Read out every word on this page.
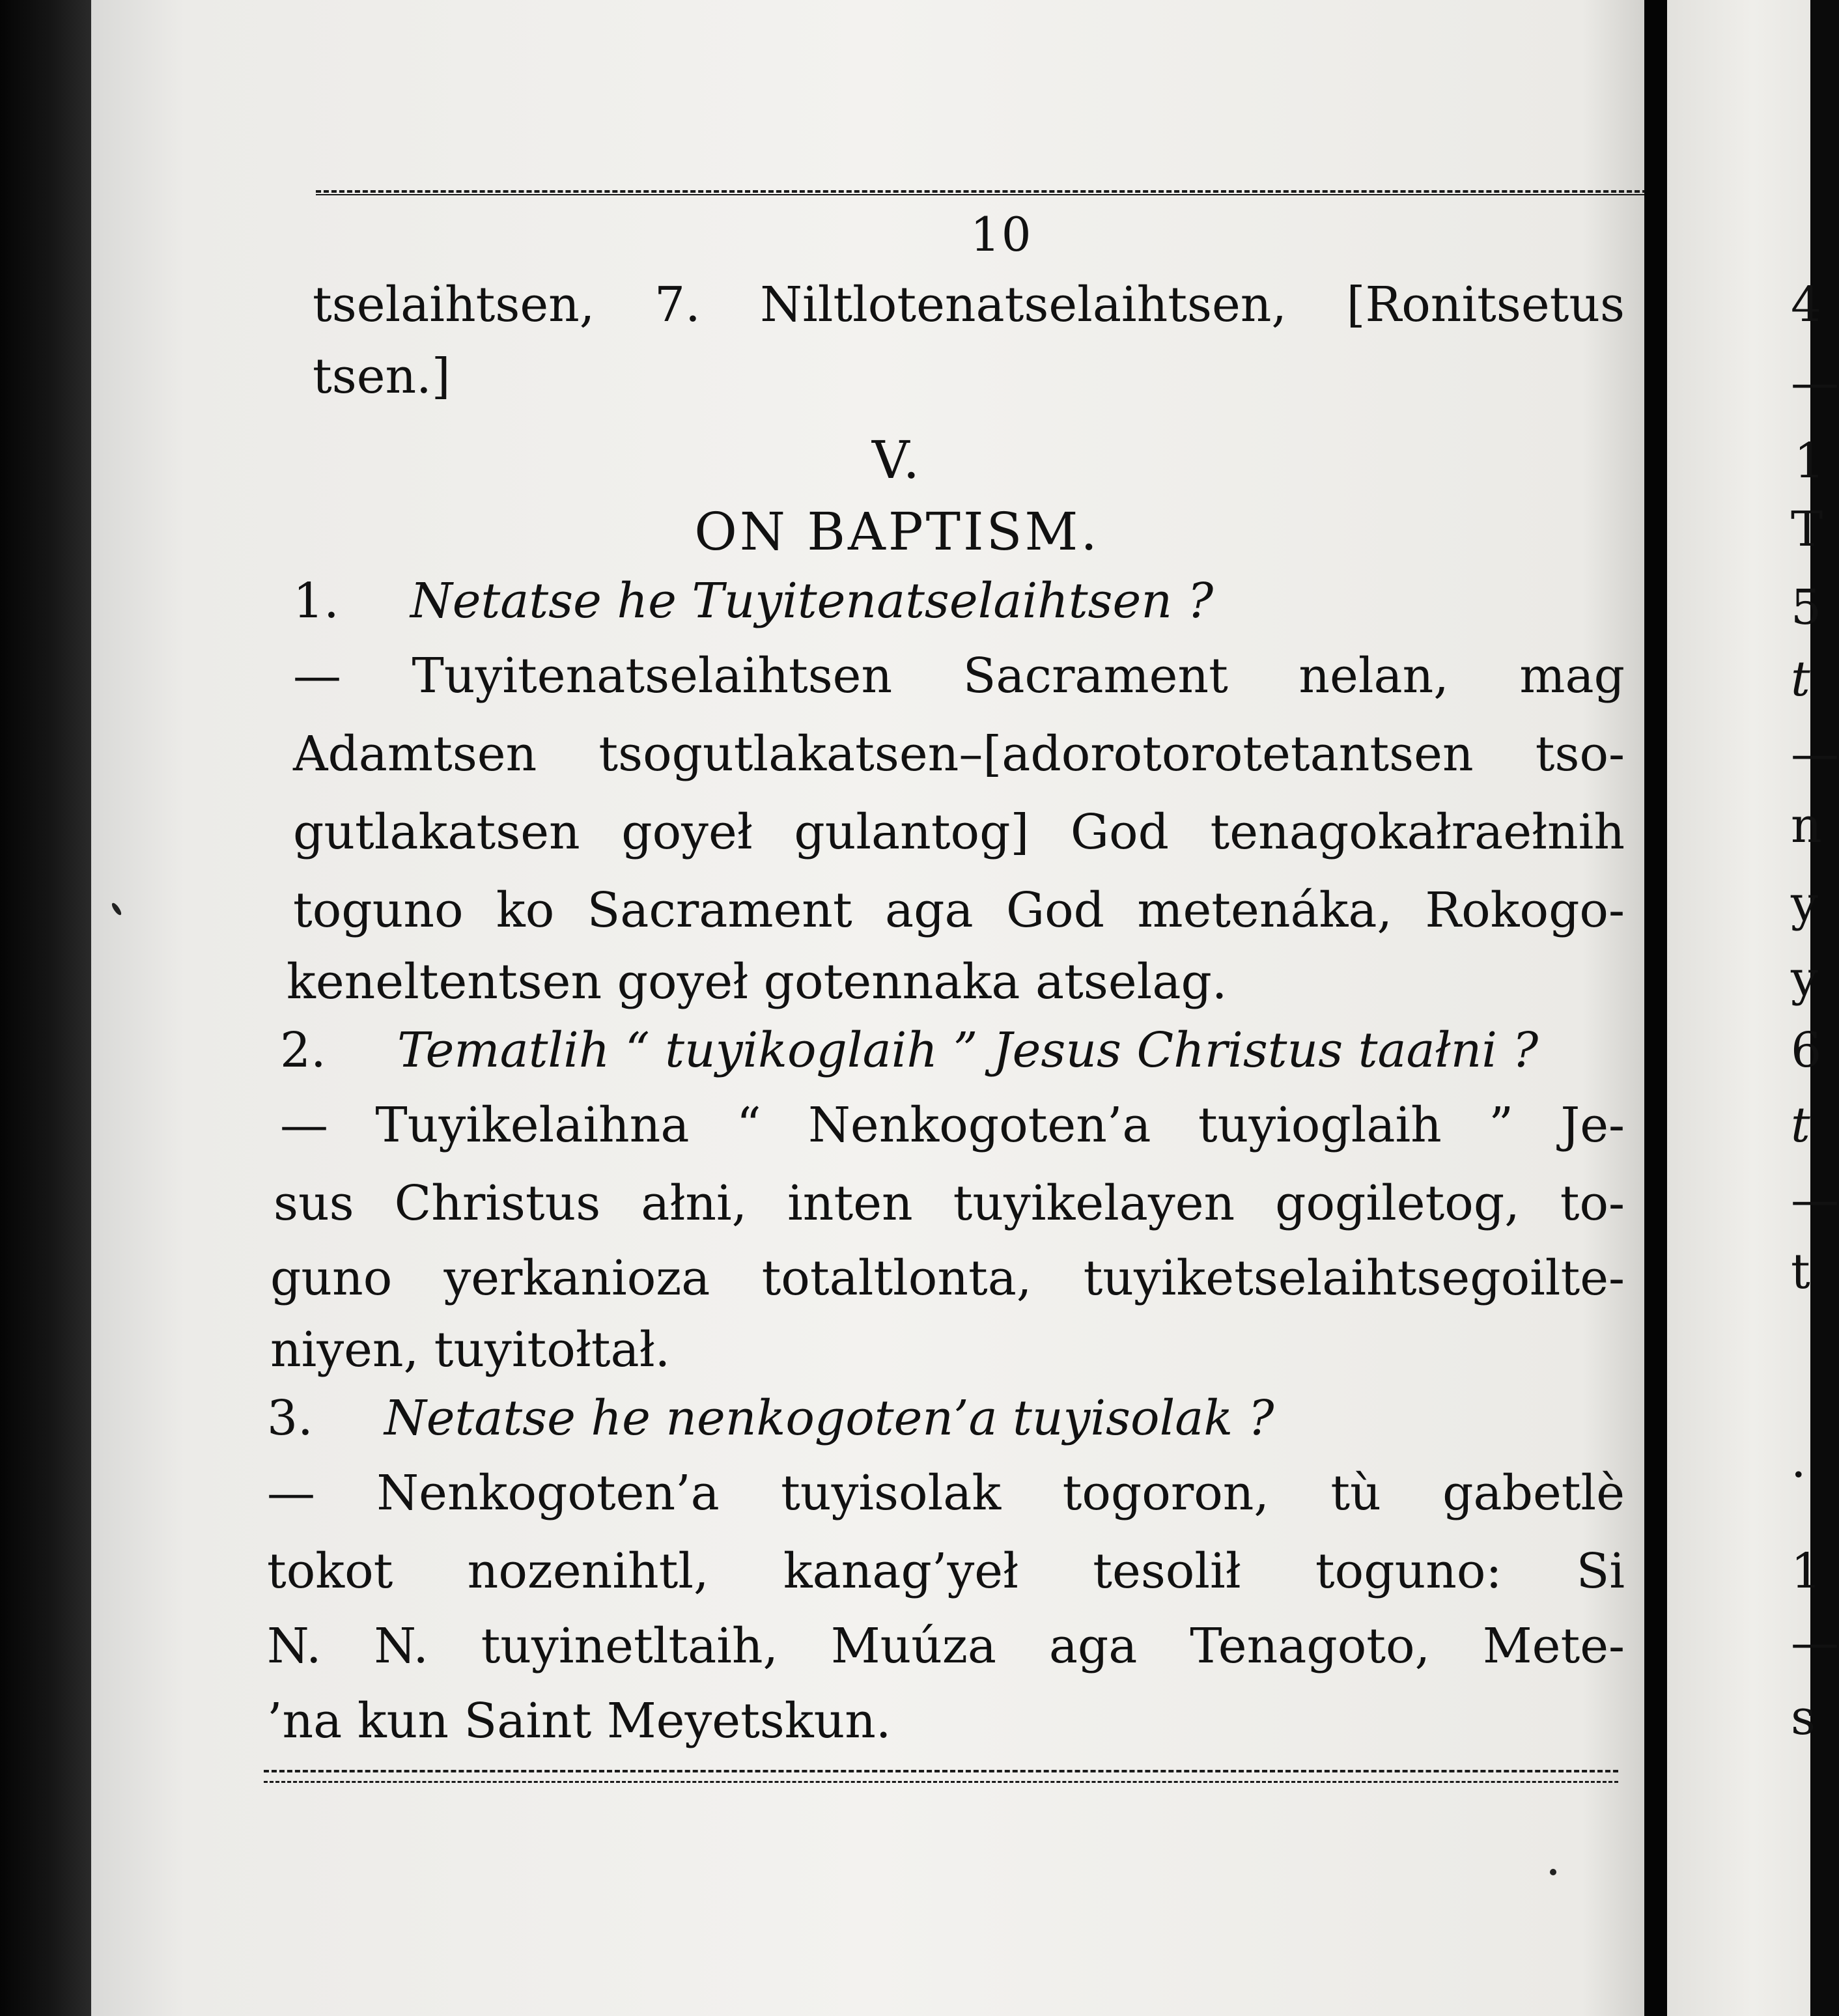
10
tselaihtsen, 7. Niltlotenatselaihtsen, [Ronitsetus
tsen.]
V.
ON BAPTISM.
1. Netatse he Tuyitenatselaihtsen ?
— Tuyitenatselaihtsen Sacrament nelan, mag
Adamtsen tsogutlakatsen–[adorotorotetantsen tso-
gutlakatsen goyeł gulantog] God tenagokałraełnih
toguno ko Sacrament aga God metenáka, Rokogo-
keneltentsen goyeł gotennaka atselag.
2. Tematlih “ tuyikoglaih ” Jesus Christus taałni ?
— Tuyikelaihna “ Nenkogoten’a tuyioglaih ” Je-
sus Christus ałni, inten tuyikelayen gogiletog, to-
guno yerkanioza totaltlonta, tuyiketselaihtsegoilte-
niyen, tuyitołtał.
3. Netatse he nenkogoten’a tuyisolak ?
— Nenkogoten’a tuyisolak togoron, tù gabetlè
tokot nozenihtl, kanag’yeł tesolił toguno: Si
N. N. tuyinetltaih, Muúza aga Tenagoto, Mete-
’na kun Saint Meyetskun.
4
—
1
T
5
t
—
n
y
y
6
t
—
t
.
1
—
s
